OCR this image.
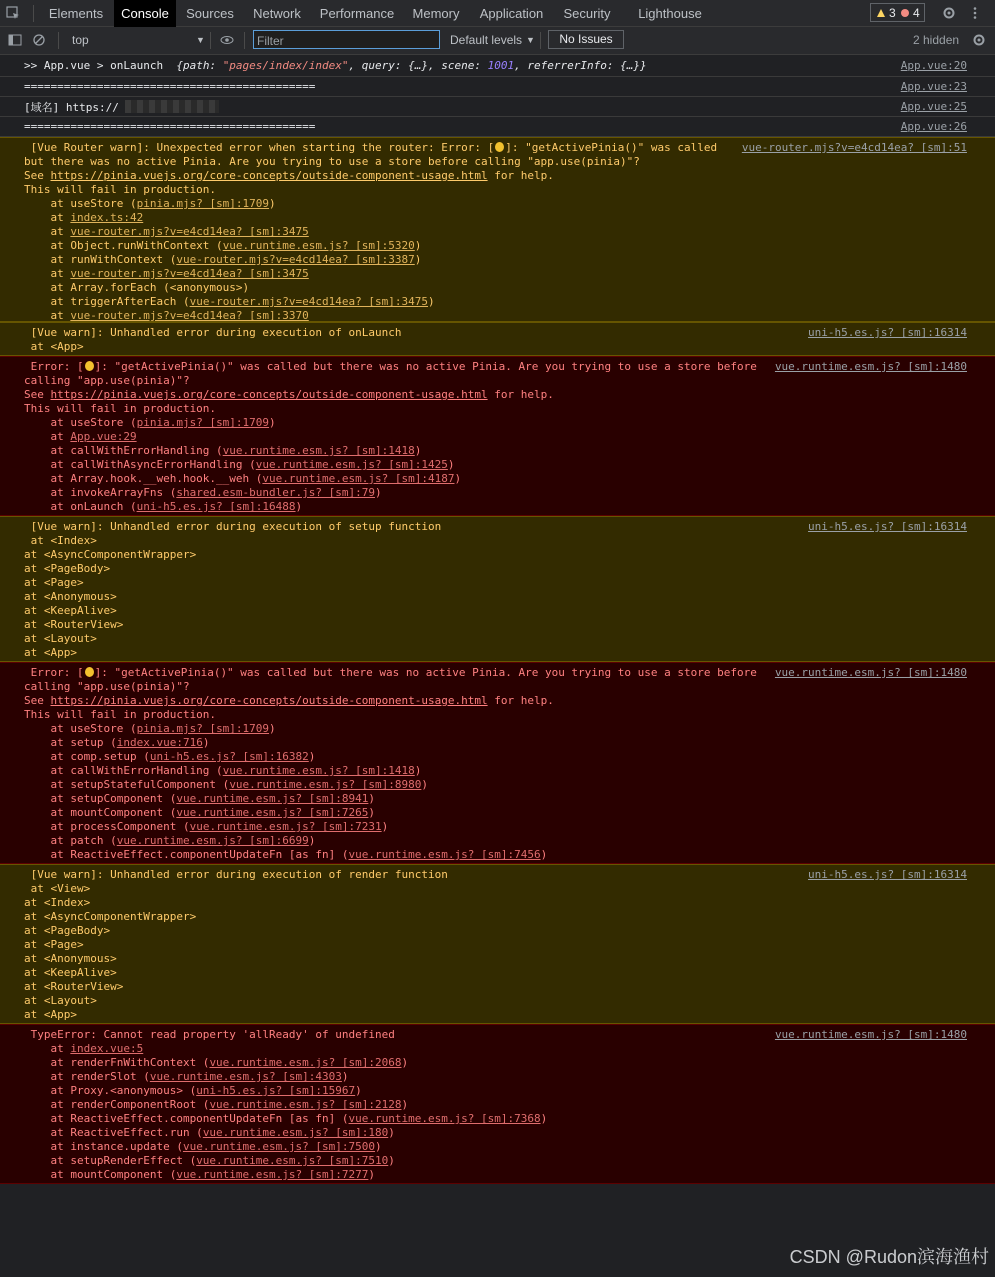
Elements	Console	Sources	Network	Performance	Memory	Application	Security	Lighthouse	3 4
top	▼
Filter	Default levels ▼	No Issues	2 hidden
>> App.vue > onLaunch  {path: "pages/index/index", query: {…}, scene: 1001, referrerInfo: {…}}	App.vue:20
============================================	App.vue:23
[域名] https://	App.vue:25
============================================	App.vue:26
[Vue Router warn]: Unexpected error when starting the router: Error: [ ]: "getActivePinia()" was called
but there was no active Pinia. Are you trying to use a store before calling "app.use(pinia)"?
See https://pinia.vuejs.org/core-concepts/outside-component-usage.html for help.
This will fail in production.
at useStore (pinia.mjs? [sm]:1709)
at index.ts:42
at vue-router.mjs?v=e4cd14ea? [sm]:3475
at Object.runWithContext (vue.runtime.esm.js? [sm]:5320)
at runWithContext (vue-router.mjs?v=e4cd14ea? [sm]:3387)
at vue-router.mjs?v=e4cd14ea? [sm]:3475
at Array.forEach (<anonymous>)
at triggerAfterEach (vue-router.mjs?v=e4cd14ea? [sm]:3475)
at vue-router.mjs?v=e4cd14ea? [sm]:3370
vue-router.mjs?v=e4cd14ea? [sm]:51
[Vue warn]: Unhandled error during execution of onLaunch
at <App>
uni-h5.es.js? [sm]:16314
Error: [ ]: "getActivePinia()" was called but there was no active Pinia. Are you trying to use a store before
calling "app.use(pinia)"?
See https://pinia.vuejs.org/core-concepts/outside-component-usage.html for help.
This will fail in production.
at useStore (pinia.mjs? [sm]:1709)
at App.vue:29
at callWithErrorHandling (vue.runtime.esm.js? [sm]:1418)
at callWithAsyncErrorHandling (vue.runtime.esm.js? [sm]:1425)
at Array.hook.__weh.hook.__weh (vue.runtime.esm.js? [sm]:4187)
at invokeArrayFns (shared.esm-bundler.js? [sm]:79)
at onLaunch (uni-h5.es.js? [sm]:16488)
vue.runtime.esm.js? [sm]:1480
[Vue warn]: Unhandled error during execution of setup function
at <Index>
at <AsyncComponentWrapper>
at <PageBody>
at <Page>
at <Anonymous>
at <KeepAlive>
at <RouterView>
at <Layout>
at <App>
uni-h5.es.js? [sm]:16314
Error: [ ]: "getActivePinia()" was called but there was no active Pinia. Are you trying to use a store before
calling "app.use(pinia)"?
See https://pinia.vuejs.org/core-concepts/outside-component-usage.html for help.
This will fail in production.
at useStore (pinia.mjs? [sm]:1709)
at setup (index.vue:716)
at comp.setup (uni-h5.es.js? [sm]:16382)
at callWithErrorHandling (vue.runtime.esm.js? [sm]:1418)
at setupStatefulComponent (vue.runtime.esm.js? [sm]:8980)
at setupComponent (vue.runtime.esm.js? [sm]:8941)
at mountComponent (vue.runtime.esm.js? [sm]:7265)
at processComponent (vue.runtime.esm.js? [sm]:7231)
at patch (vue.runtime.esm.js? [sm]:6699)
at ReactiveEffect.componentUpdateFn [as fn] (vue.runtime.esm.js? [sm]:7456)
vue.runtime.esm.js? [sm]:1480
[Vue warn]: Unhandled error during execution of render function
at <View>
at <Index>
at <AsyncComponentWrapper>
at <PageBody>
at <Page>
at <Anonymous>
at <KeepAlive>
at <RouterView>
at <Layout>
at <App>
uni-h5.es.js? [sm]:16314
TypeError: Cannot read property 'allReady' of undefined
at index.vue:5
at renderFnWithContext (vue.runtime.esm.js? [sm]:2068)
at renderSlot (vue.runtime.esm.js? [sm]:4303)
at Proxy.<anonymous> (uni-h5.es.js? [sm]:15967)
at renderComponentRoot (vue.runtime.esm.js? [sm]:2128)
at ReactiveEffect.componentUpdateFn [as fn] (vue.runtime.esm.js? [sm]:7368)
at ReactiveEffect.run (vue.runtime.esm.js? [sm]:180)
at instance.update (vue.runtime.esm.js? [sm]:7500)
at setupRenderEffect (vue.runtime.esm.js? [sm]:7510)
at mountComponent (vue.runtime.esm.js? [sm]:7277)
vue.runtime.esm.js? [sm]:1480
CSDN @Rudon滨海渔村
